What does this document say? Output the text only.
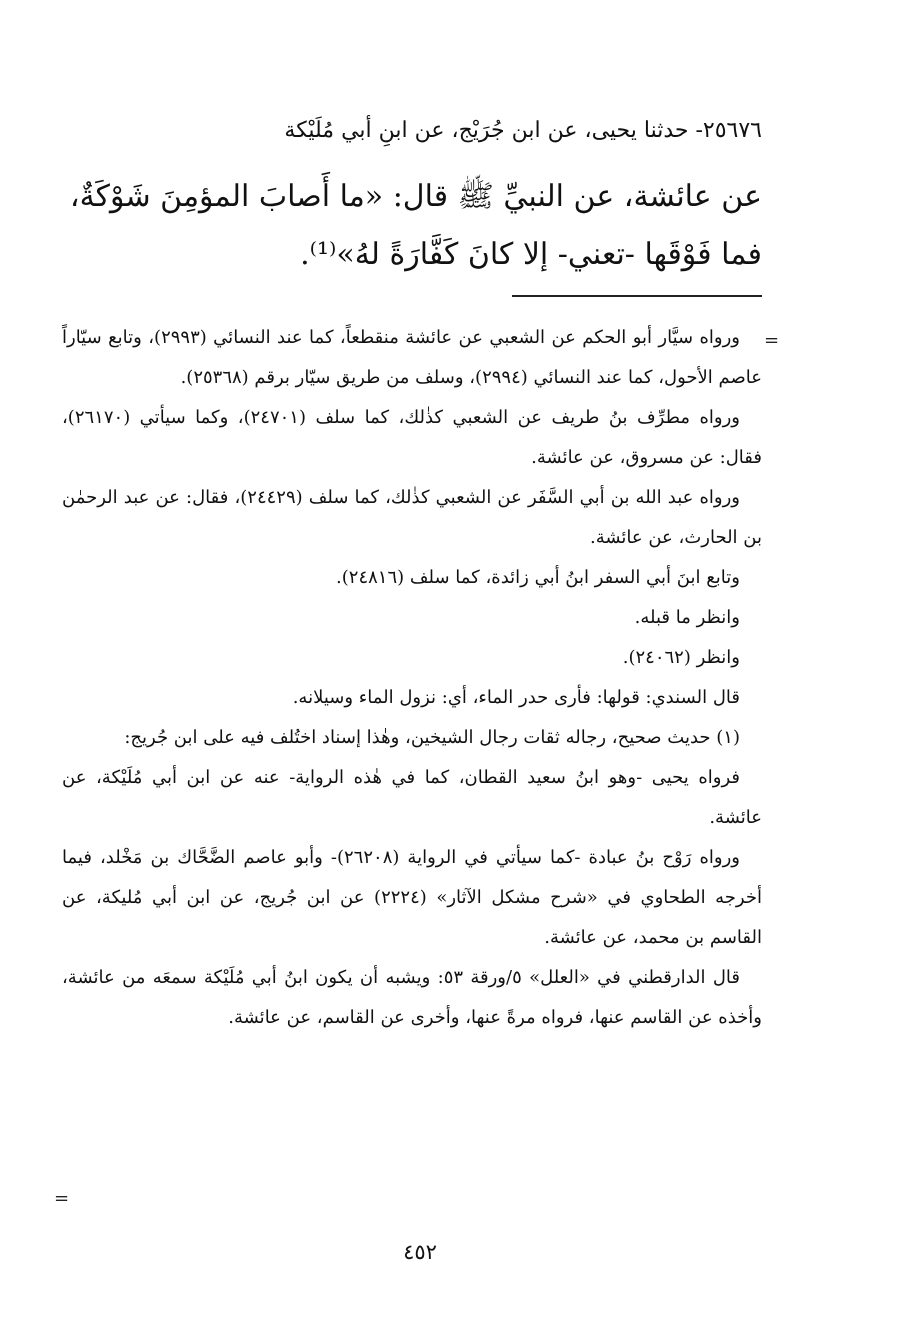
٢٥٦٧٦- حدثنا يحيى، عن ابن جُرَيْج، عن ابنِ أبي مُلَيْكة

عن عائشة، عن النبيِّ ﷺ قال: «ما أَصابَ المؤمِنَ شَوْكَةٌ،

فما فَوْقَها -تعني- إلا كانَ كَفَّارَةً لهُ»⁽¹⁾.

=

ورواه سيَّار أبو الحكم عن الشعبي عن عائشة منقطعاً، كما عند النسائي (٢٩٩٣)، وتابع سيّاراً عاصم الأحول، كما عند النسائي (٢٩٩٤)، وسلف من طريق سيّار برقم (٢٥٣٦٨).

ورواه مطرِّف بنُ طريف عن الشعبي كذٰلك، كما سلف (٢٤٧٠١)، وكما سيأتي (٢٦١٧٠)، فقال: عن مسروق، عن عائشة.

ورواه عبد الله بن أبي السَّفَر عن الشعبي كذٰلك، كما سلف (٢٤٤٢٩)، فقال: عن عبد الرحمٰن بن الحارث، عن عائشة.

وتابع ابنَ أبي السفر ابنُ أبي زائدة، كما سلف (٢٤٨١٦).

وانظر ما قبله.

وانظر (٢٤٠٦٢).

قال السندي: قولها: فأرى حدر الماء، أي: نزول الماء وسيلانه.

(١) حديث صحيح، رجاله ثقات رجال الشيخين، وهٰذا إسناد اختُلف فيه على ابن جُريج:

فرواه يحيى -وهو ابنُ سعيد القطان، كما في هٰذه الرواية- عنه عن ابن أبي مُلَيْكة، عن عائشة.

ورواه رَوْح بنُ عبادة -كما سيأتي في الرواية (٢٦٢٠٨)- وأبو عاصم الضَّحَّاك بن مَخْلد، فيما أخرجه الطحاوي في «شرح مشكل الآثار» (٢٢٢٤) عن ابن جُريج، عن ابن أبي مُليكة، عن القاسم بن محمد، عن عائشة.

قال الدارقطني في «العلل» ٥/ورقة ٥٣: ويشبه أن يكون ابنُ أبي مُلَيْكة سمعَه من عائشة، وأخذه عن القاسم عنها، فرواه مرةً عنها، وأخرى عن القاسم، عن عائشة.

=
٤٥٢
